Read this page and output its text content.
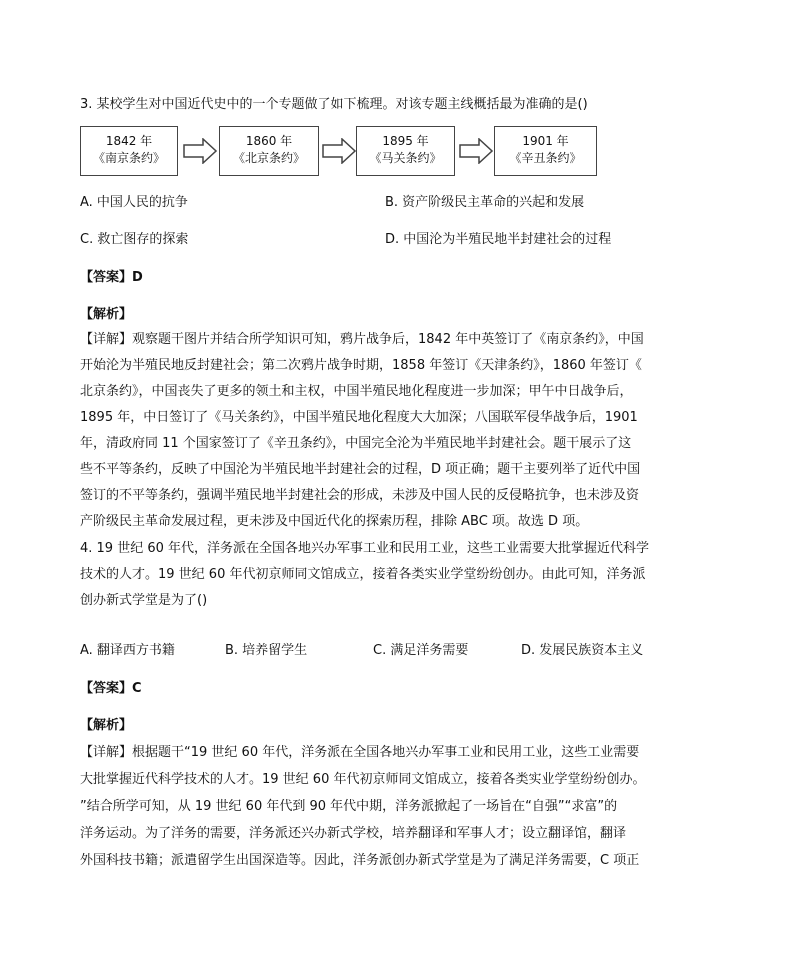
3. 某校学生对中国近代史中的一个专题做了如下梳理。对该专题主线概括最为准确的是()
1842 年
《南京条约》
1860 年
《北京条约》
1895 年
《马关条约》
1901 年
《辛丑条约》
A. 中国人民的抗争	B. 资产阶级民主革命的兴起和发展
C. 救亡图存的探索	D. 中国沦为半殖民地半封建社会的过程
【答案】D
【解析】
【详解】观察题干图片并结合所学知识可知，鸦片战争后，1842 年中英签订了《南京条约》，中国
开始沦为半殖民地反封建社会；第二次鸦片战争时期，1858 年签订《天津条约》，1860 年签订《
北京条约》，中国丧失了更多的领土和主权，中国半殖民地化程度进一步加深；甲午中日战争后，
1895 年，中日签订了《马关条约》，中国半殖民地化程度大大加深；八国联军侵华战争后，1901
年，清政府同 11 个国家签订了《辛丑条约》，中国完全沦为半殖民地半封建社会。题干展示了这
些不平等条约，反映了中国沦为半殖民地半封建社会的过程，D 项正确；题干主要列举了近代中国
签订的不平等条约，强调半殖民地半封建社会的形成，未涉及中国人民的反侵略抗争，也未涉及资
产阶级民主革命发展过程，更未涉及中国近代化的探索历程，排除 ABC 项。故选 D 项。
4. 19 世纪 60 年代，洋务派在全国各地兴办军事工业和民用工业，这些工业需要大批掌握近代科学
技术的人才。19 世纪 60 年代初京师同文馆成立，接着各类实业学堂纷纷创办。由此可知，洋务派
创办新式学堂是为了()
A. 翻译西方书籍	B. 培养留学生	C. 满足洋务需要	D. 发展民族资本主义
【答案】C
【解析】
【详解】根据题干“19 世纪 60 年代，洋务派在全国各地兴办军事工业和民用工业，这些工业需要
大批掌握近代科学技术的人才。19 世纪 60 年代初京师同文馆成立，接着各类实业学堂纷纷创办。
”结合所学可知，从 19 世纪 60 年代到 90 年代中期，洋务派掀起了一场旨在“自强”“求富”的
洋务运动。为了洋务的需要，洋务派还兴办新式学校，培养翻译和军事人才；设立翻译馆，翻译
外国科技书籍；派遣留学生出国深造等。因此，洋务派创办新式学堂是为了满足洋务需要，C 项正
